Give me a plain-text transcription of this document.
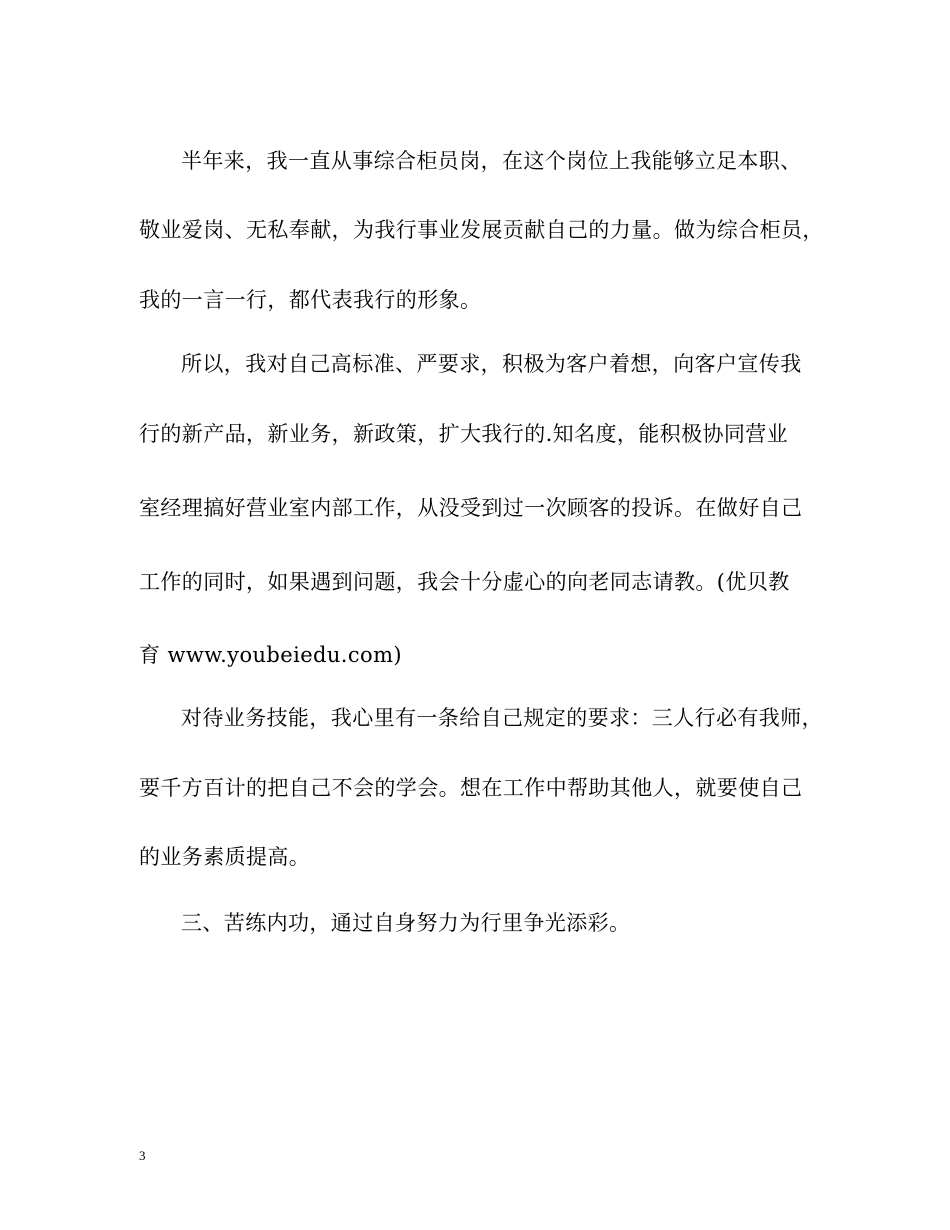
半年来，我一直从事综合柜员岗，在这个岗位上我能够立足本职、
敬业爱岗、无私奉献，为我行事业发展贡献自己的力量。做为综合柜员，
我的一言一行，都代表我行的形象。
所以，我对自己高标准、严要求，积极为客户着想，向客户宣传我
行的新产品，新业务，新政策，扩大我行的.知名度，能积极协同营业
室经理搞好营业室内部工作，从没受到过一次顾客的投诉。在做好自己
工作的同时，如果遇到问题，我会十分虚心的向老同志请教。(优贝教
育 www.youbeiedu.com)
对待业务技能，我心里有一条给自己规定的要求：三人行必有我师，
要千方百计的把自己不会的学会。想在工作中帮助其他人，就要使自己
的业务素质提高。
三、苦练内功，通过自身努力为行里争光添彩。
3
